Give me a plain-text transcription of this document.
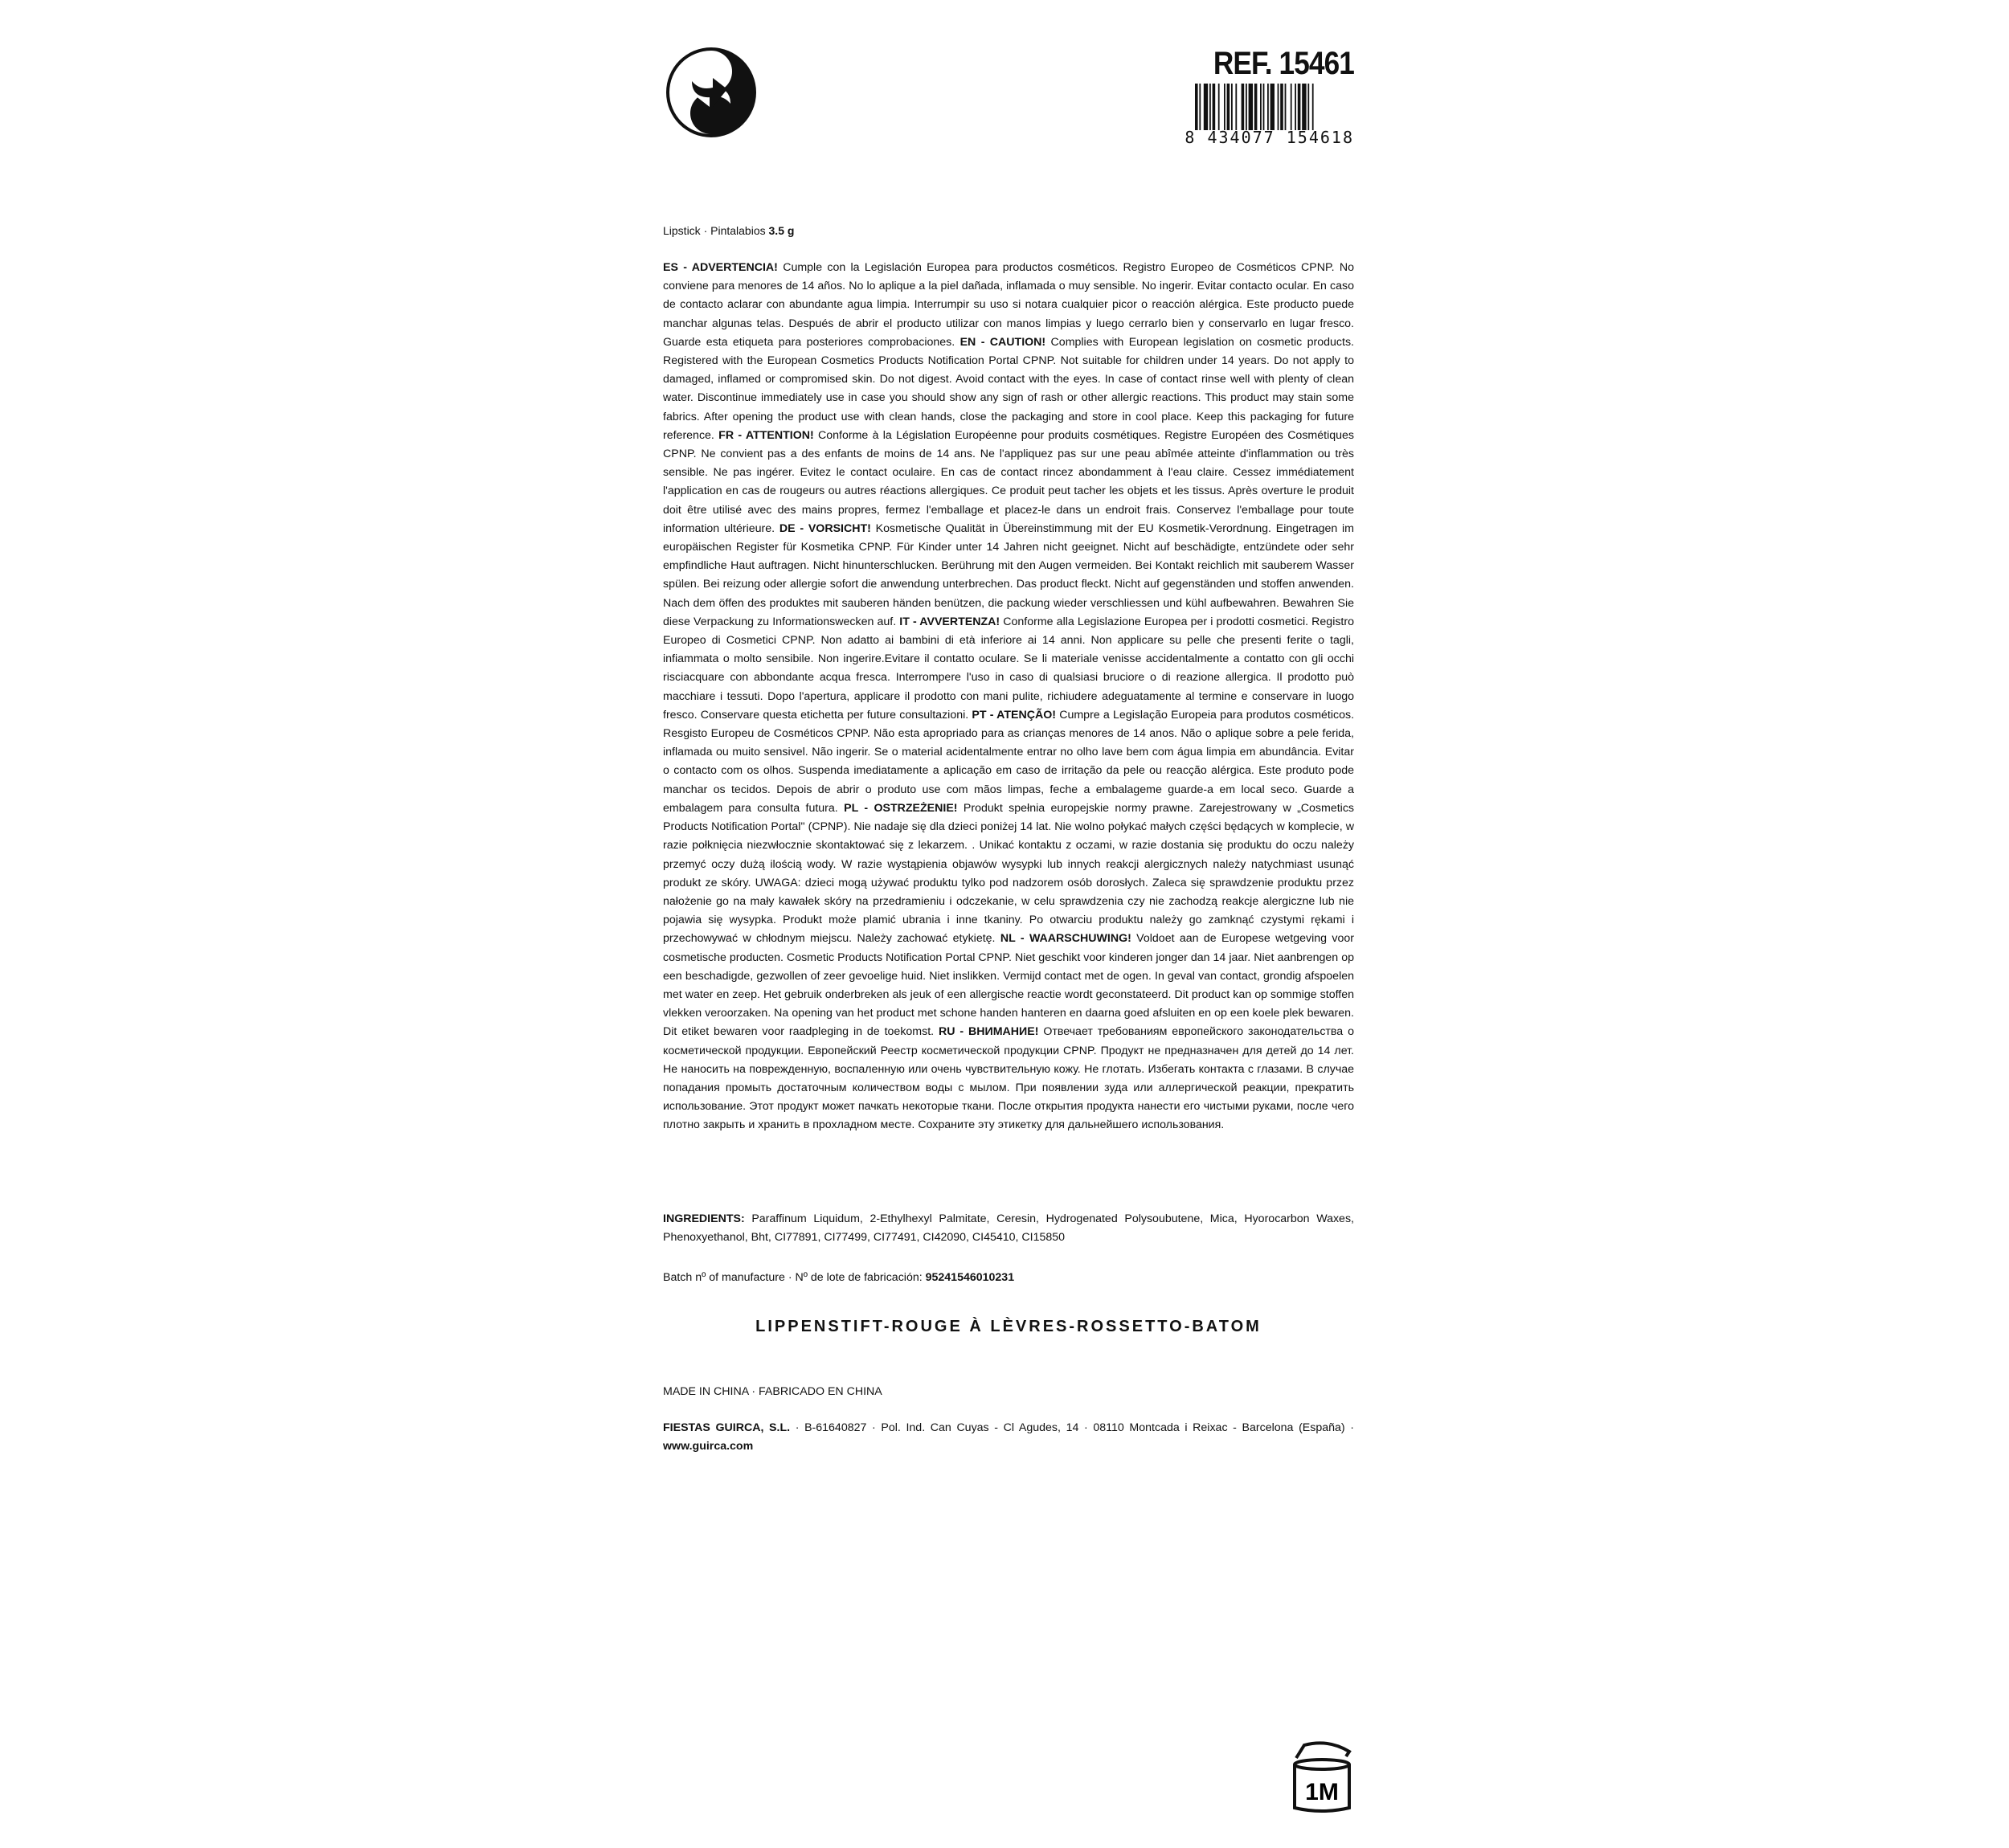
REF. 15461
8 434077 154618
Lipstick · Pintalabios 3.5 g

ES - ADVERTENCIA! Cumple con la Legislación Europea para productos cosméticos. Registro Europeo de Cosméticos CPNP. No conviene para menores de 14 años. No lo aplique a la piel dañada, inflamada o muy sensible. No ingerir. Evitar contacto ocular. En caso de contacto aclarar con abundante agua limpia. Interrumpir su uso si notara cualquier picor o reacción alérgica. Este producto puede manchar algunas telas. Después de abrir el producto utilizar con manos limpias y luego cerrarlo bien y conservarlo en lugar fresco. Guarde esta etiqueta para posteriores comprobaciones. EN - CAUTION! Complies with European legislation on cosmetic products. Registered with the European Cosmetics Products Notification Portal CPNP. Not suitable for children under 14 years. Do not apply to damaged, inflamed or compromised skin. Do not digest. Avoid contact with the eyes. In case of contact rinse well with plenty of clean water. Discontinue immediately use in case you should show any sign of rash or other allergic reactions. This product may stain some fabrics. After opening the product use with clean hands, close the packaging and store in cool place. Keep this packaging for future reference. FR - ATTENTION! Conforme à la Législation Européenne pour produits cosmétiques. Registre Européen des Cosmétiques CPNP. Ne convient pas a des enfants de moins de 14 ans. Ne l'appliquez pas sur une peau abîmée atteinte d'inflammation ou très sensible. Ne pas ingérer. Evitez le contact oculaire. En cas de contact rincez abondamment à l'eau claire. Cessez immédiatement l'application en cas de rougeurs ou autres réactions allergiques. Ce produit peut tacher les objets et les tissus. Après overture le produit doit être utilisé avec des mains propres, fermez l'emballage et placez-le dans un endroit frais. Conservez l'emballage pour toute information ultérieure. DE - VORSICHT! Kosmetische Qualität in Übereinstimmung mit der EU Kosmetik-Verordnung. Eingetragen im europäischen Register für Kosmetika CPNP. Für Kinder unter 14 Jahren nicht geeignet. Nicht auf beschädigte, entzündete oder sehr empfindliche Haut auftragen. Nicht hinunterschlucken. Berührung mit den Augen vermeiden. Bei Kontakt reichlich mit sauberem Wasser spülen. Bei reizung oder allergie sofort die anwendung unterbrechen. Das product fleckt. Nicht auf gegenständen und stoffen anwenden. Nach dem öffen des produktes mit sauberen händen benützen, die packung wieder verschliessen und kühl aufbewahren. Bewahren Sie diese Verpackung zu Informationswecken auf. IT - AVVERTENZA! Conforme alla Legislazione Europea per i prodotti cosmetici. Registro Europeo di Cosmetici CPNP. Non adatto ai bambini di età inferiore ai 14 anni. Non applicare su pelle che presenti ferite o tagli, infiammata o molto sensibile. Non ingerire.Evitare il contatto oculare. Se li materiale venisse accidentalmente a contatto con gli occhi risciacquare con abbondante acqua fresca. Interrompere l'uso in caso di qualsiasi bruciore o di reazione allergica. Il prodotto può macchiare i tessuti. Dopo l'apertura, applicare il prodotto con mani pulite, richiudere adeguatamente al termine e conservare in luogo fresco. Conservare questa etichetta per future consultazioni. PT - ATENÇÃO! Cumpre a Legislação Europeia para produtos cosméticos. Resgisto Europeu de Cosméticos CPNP. Não esta apropriado para as crianças menores de 14 anos. Não o aplique sobre a pele ferida, inflamada ou muito sensivel. Não ingerir. Se o material acidentalmente entrar no olho lave bem com água limpia em abundância. Evitar o contacto com os olhos. Suspenda imediatamente a aplicação em caso de irritação da pele ou reacção alérgica. Este produto pode manchar os tecidos. Depois de abrir o produto use com mãos limpas, feche a embalageme guarde-a em local seco. Guarde a embalagem para consulta futura. PL - OSTRZEŻENIE! Produkt spełnia europejskie normy prawne. Zarejestrowany w „Cosmetics Products Notification Portal" (CPNP). Nie nadaje się dla dzieci poniżej 14 lat. Nie wolno połykać małych części będących w komplecie, w razie połknięcia niezwłocznie skontaktować się z lekarzem. . Unikać kontaktu z oczami, w razie dostania się produktu do oczu należy przemyć oczy dużą ilością wody. W razie wystąpienia objawów wysypki lub innych reakcji alergicznych należy natychmiast usunąć produkt ze skóry. UWAGA: dzieci mogą używać produktu tylko pod nadzorem osób dorosłych. Zaleca się sprawdzenie produktu przez nałożenie go na mały kawałek skóry na przedramieniu i odczekanie, w celu sprawdzenia czy nie zachodzą reakcje alergiczne lub nie pojawia się wysypka. Produkt może plamić ubrania i inne tkaniny. Po otwarciu produktu należy go zamknąć czystymi rękami i przechowywać w chłodnym miejscu. Należy zachować etykietę. NL - WAARSCHUWING! Voldoet aan de Europese wetgeving voor cosmetische producten. Cosmetic Products Notification Portal CPNP. Niet geschikt voor kinderen jonger dan 14 jaar. Niet aanbrengen op een beschadigde, gezwollen of zeer gevoelige huid. Niet inslikken. Vermijd contact met de ogen. In geval van contact, grondig afspoelen met water en zeep. Het gebruik onderbreken als jeuk of een allergische reactie wordt geconstateerd. Dit product kan op sommige stoffen vlekken veroorzaken. Na opening van het product met schone handen hanteren en daarna goed afsluiten en op een koele plek bewaren. Dit etiket bewaren voor raadpleging in de toekomst. RU - ВНИМАНИЕ! Отвечает требованиям европейского законодательства о косметической продукции. Европейский Реестр косметической продукции CPNP. Продукт не предназначен для детей до 14 лет. Не наносить на поврежденную, воспаленную или очень чувствительную кожу. Не глотать. Избегать контакта с глазами. В случае попадания промыть достаточным количеством воды с мылом. При появлении зуда или аллергической реакции, прекратить использование. Этот продукт может пачкать некоторые ткани. После открытия продукта нанести его чистыми руками, после чего плотно закрыть и хранить в прохладном месте. Сохраните эту этикетку для дальнейшего использования.

INGREDIENTS: Paraffinum Liquidum, 2-Ethylhexyl Palmitate, Ceresin, Hydrogenated Polysoubutene, Mica, Hyorocarbon Waxes, Phenoxyethanol, Bht, CI77891, CI77499, CI77491, CI42090, CI45410, CI15850

Batch nº of manufacture · Nº de lote de fabricación: 95241546010231
LIPPENSTIFT-ROUGE À LÈVRES-ROSSETTO-BATOM
MADE IN CHINA · FABRICADO EN CHINA

FIESTAS GUIRCA, S.L. · B-61640827 · Pol. Ind. Can Cuyas - Cl Agudes, 14 · 08110 Montcada i Reixac - Barcelona (España) · www.guirca.com

1M
